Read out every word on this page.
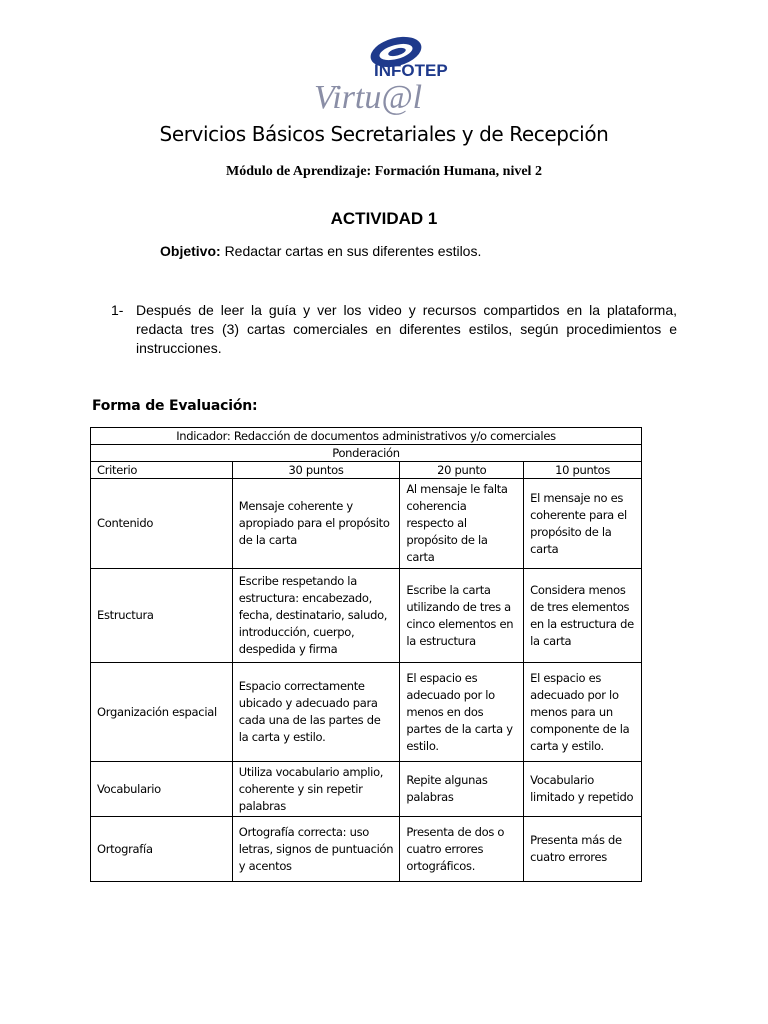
INFOTEP
Virtu@l
Servicios Básicos Secretariales y de Recepción
Módulo de Aprendizaje: Formación Humana, nivel 2
ACTIVIDAD 1
Objetivo: Redactar cartas en sus diferentes estilos.
1- Después de leer la guía y ver los video y recursos compartidos en la plataforma, redacta tres (3) cartas comerciales en diferentes estilos, según procedimientos e instrucciones.
Forma de Evaluación:
Indicador: Redacción de documentos administrativos y/o comerciales			
Ponderación			
Criterio	30 puntos	20 punto	10 puntos
Contenido	Mensaje coherente y apropiado para el propósito de la carta	Al mensaje le falta coherencia respecto al propósito de la carta	El mensaje no es coherente para el propósito de la carta
Estructura	Escribe respetando la estructura: encabezado, fecha, destinatario, saludo, introducción, cuerpo, despedida y firma	Escribe la carta utilizando de tres a cinco elementos en la estructura	Considera menos de tres elementos en la estructura de la carta
Organización espacial	Espacio correctamente ubicado y adecuado para cada una de las partes de la carta y estilo.	El espacio es adecuado por lo menos en dos partes de la carta y estilo.	El espacio es adecuado por lo menos para un componente de la carta y estilo.
Vocabulario	Utiliza vocabulario amplio, coherente y sin repetir palabras	Repite algunas palabras	Vocabulario limitado y repetido
Ortografía	Ortografía correcta: uso letras, signos de puntuación y acentos	Presenta de dos o cuatro errores ortográficos.	Presenta más de cuatro errores
